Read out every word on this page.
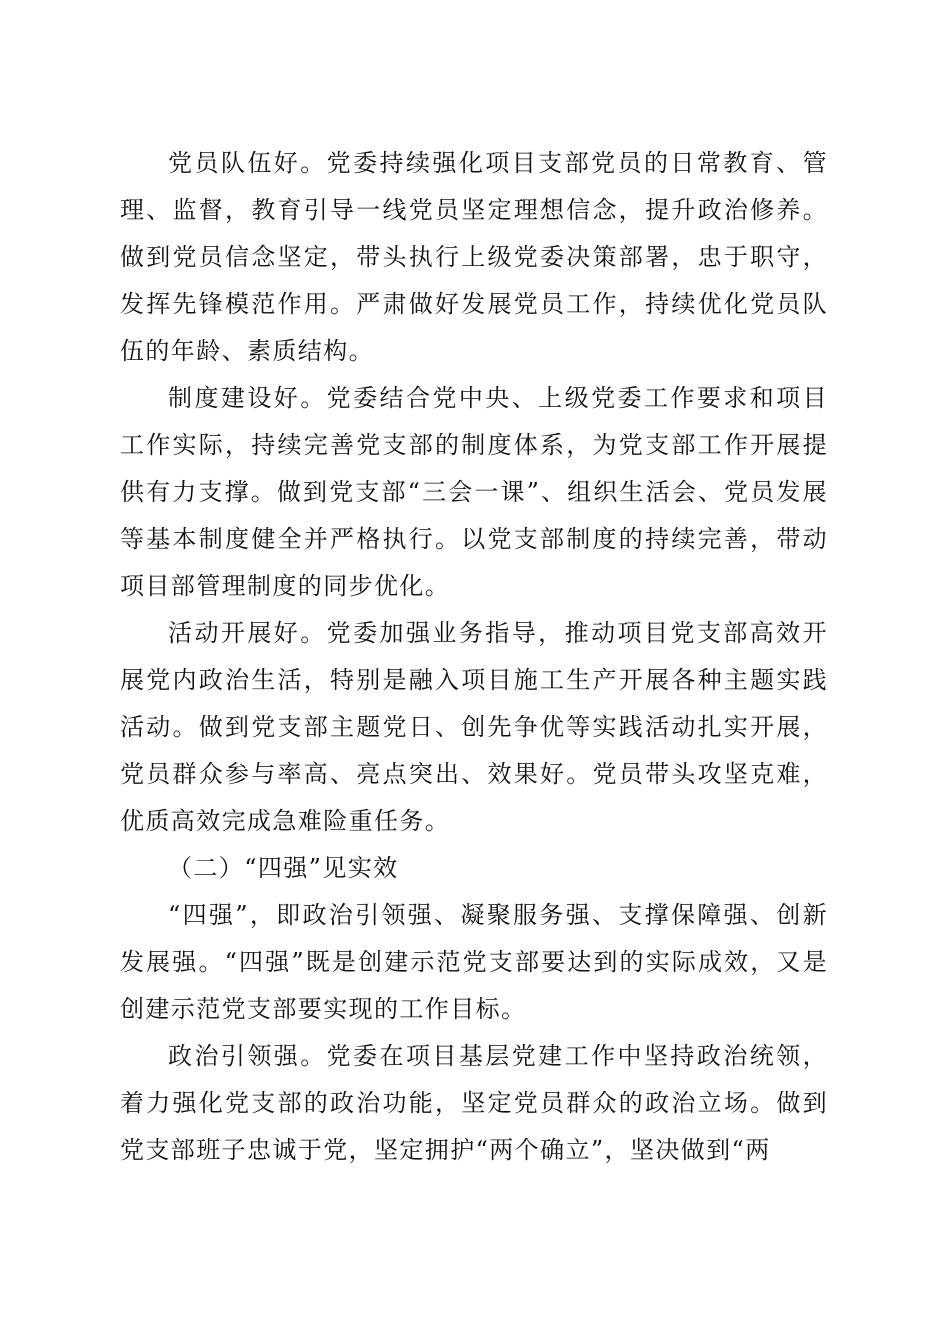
党员队伍好。党委持续强化项目支部党员的日常教育、管理、监督，教育引导一线党员坚定理想信念，提升政治修养。做到党员信念坚定，带头执行上级党委决策部署，忠于职守，发挥先锋模范作用。严肃做好发展党员工作，持续优化党员队伍的年龄、素质结构。

制度建设好。党委结合党中央、上级党委工作要求和项目工作实际，持续完善党支部的制度体系，为党支部工作开展提供有力支撑。做到党支部“三会一课”、组织生活会、党员发展等基本制度健全并严格执行。以党支部制度的持续完善，带动项目部管理制度的同步优化。

活动开展好。党委加强业务指导，推动项目党支部高效开展党内政治生活，特别是融入项目施工生产开展各种主题实践活动。做到党支部主题党日、创先争优等实践活动扎实开展，党员群众参与率高、亮点突出、效果好。党员带头攻坚克难，优质高效完成急难险重任务。

（二）“四强”见实效

“四强”，即政治引领强、凝聚服务强、支撑保障强、创新发展强。“四强”既是创建示范党支部要达到的实际成效，又是创建示范党支部要实现的工作目标。

政治引领强。党委在项目基层党建工作中坚持政治统领，着力强化党支部的政治功能，坚定党员群众的政治立场。做到党支部班子忠诚于党，坚定拥护“两个确立”，坚决做到“两
